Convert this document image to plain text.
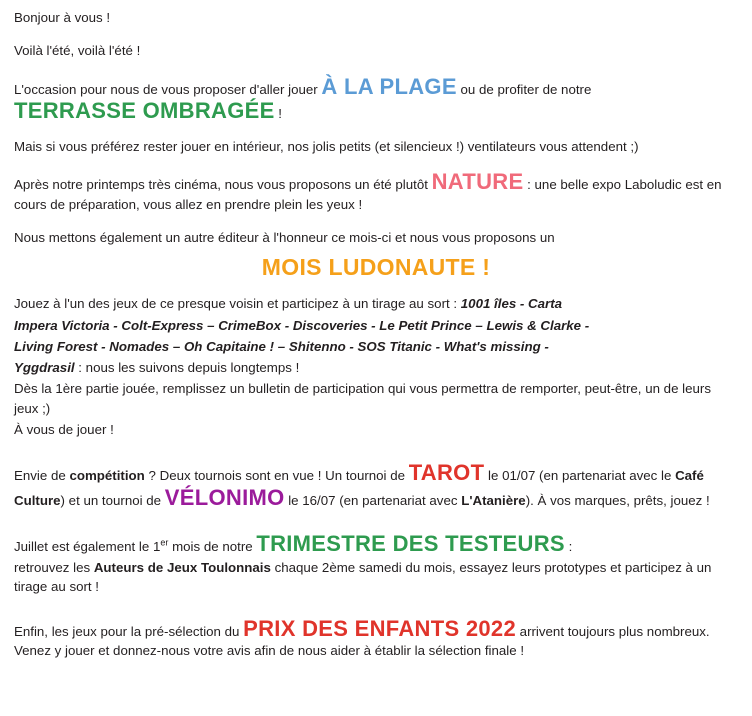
Bonjour à vous !

Voilà l'été, voilà l'été !

L'occasion pour nous de vous proposer d'aller jouer À LA PLAGE ou de profiter de notre
TERRASSE OMBRAGÉE !

Mais si vous préférez rester jouer en intérieur, nos jolis petits (et silencieux !) ventilateurs vous attendent ;)

Après notre printemps très cinéma, nous vous proposons un été plutôt NATURE : une belle expo Laboludic est en cours de préparation, vous allez en prendre plein les yeux !

Nous mettons également un autre éditeur à l'honneur ce mois-ci et nous vous proposons un

MOIS LUDONAUTE !

Jouez à l'un des jeux de ce presque voisin et participez à un tirage au sort : 1001 îles - Carta

Impera Victoria - Colt-Express – CrimeBox - Discoveries - Le Petit Prince – Lewis & Clarke -

Living Forest - Nomades – Oh Capitaine ! – Shitenno - SOS Titanic - What's missing -

Yggdrasil : nous les suivons depuis longtemps !

Dès la 1ère partie jouée, remplissez un bulletin de participation qui vous permettra de remporter, peut-être, un de leurs jeux ;)

À vous de jouer !

Envie de compétition ? Deux tournois sont en vue ! Un tournoi de TAROT le 01/07 (en partenariat avec le Café Culture) et un tournoi de VÉLONIMO le 16/07 (en partenariat avec L'Atanière). À vos marques, prêts, jouez !

Juillet est également le 1er mois de notre TRIMESTRE DES TESTEURS :

retrouvez les Auteurs de Jeux Toulonnais chaque 2ème samedi du mois, essayez leurs prototypes et participez à un tirage au sort !

Enfin, les jeux pour la pré-sélection du PRIX DES ENFANTS 2022 arrivent toujours plus nombreux. Venez y jouer et donnez-nous votre avis afin de nous aider à établir la sélection finale !
